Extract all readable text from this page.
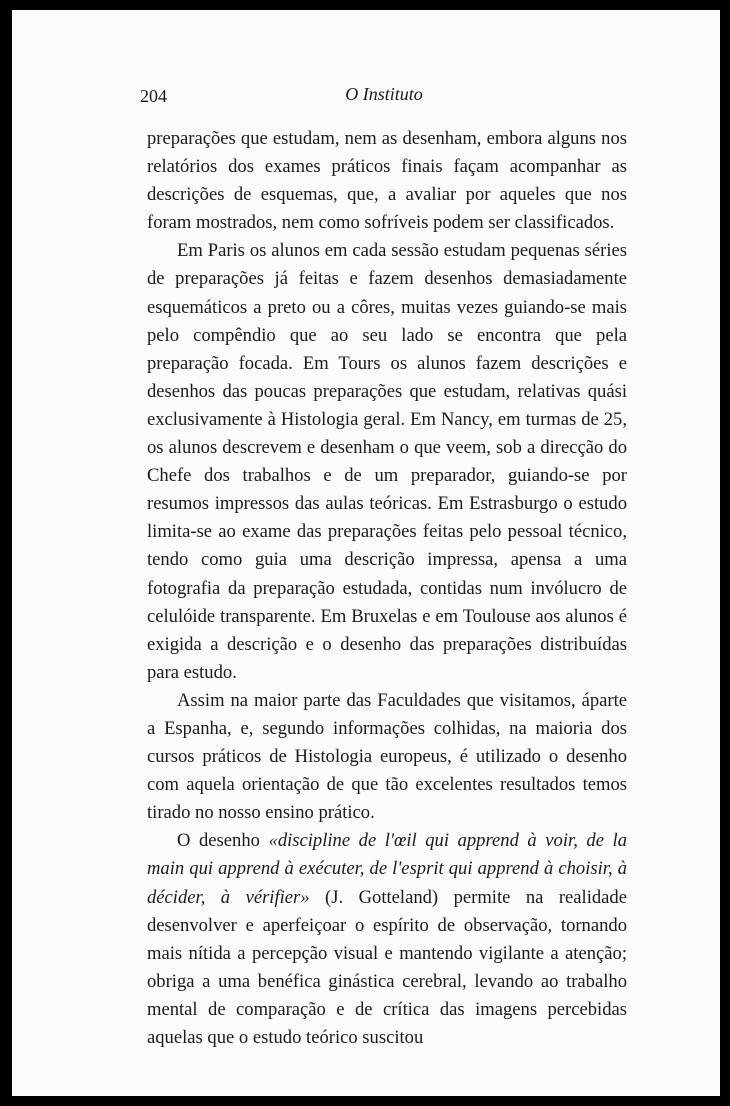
204	O Instituto

preparações que estudam, nem as desenham, embora alguns nos relatórios dos exames práticos finais façam acompanhar as descrições de esquemas, que, a avaliar por aqueles que nos foram mostrados, nem como sofríveis podem ser classificados.

Em Paris os alunos em cada sessão estudam pequenas séries de preparações já feitas e fazem desenhos demasiadamente esquemáticos a preto ou a côres, muitas vezes guiando-se mais pelo compêndio que ao seu lado se encontra que pela preparação focada. Em Tours os alunos fazem descrições e desenhos das poucas preparações que estudam, relativas quási exclusivamente à Histologia geral. Em Nancy, em turmas de 25, os alunos descrevem e desenham o que veem, sob a direcção do Chefe dos trabalhos e de um preparador, guiando-se por resumos impressos das aulas teóricas. Em Estrasburgo o estudo limita-se ao exame das preparações feitas pelo pessoal técnico, tendo como guia uma descrição impressa, apensa a uma fotografia da preparação estudada, contidas num invólucro de celulóide transparente. Em Bruxelas e em Toulouse aos alunos é exigida a descrição e o desenho das preparações distribuídas para estudo.

Assim na maior parte das Faculdades que visitamos, áparte a Espanha, e, segundo informações colhidas, na maioria dos cursos práticos de Histologia europeus, é utilizado o desenho com aquela orientação de que tão excelentes resultados temos tirado no nosso ensino prático.

O desenho «discipline de l'œil qui apprend à voir, de la main qui apprend à exécuter, de l'esprit qui apprend à choisir, à décider, à vérifier» (J. Gotteland) permite na realidade desenvolver e aperfeiçoar o espírito de observação, tornando mais nítida a percepção visual e mantendo vigilante a atenção; obriga a uma benéfica ginástica cerebral, levando ao trabalho mental de comparação e de crítica das imagens percebidas aquelas que o estudo teórico suscitou
